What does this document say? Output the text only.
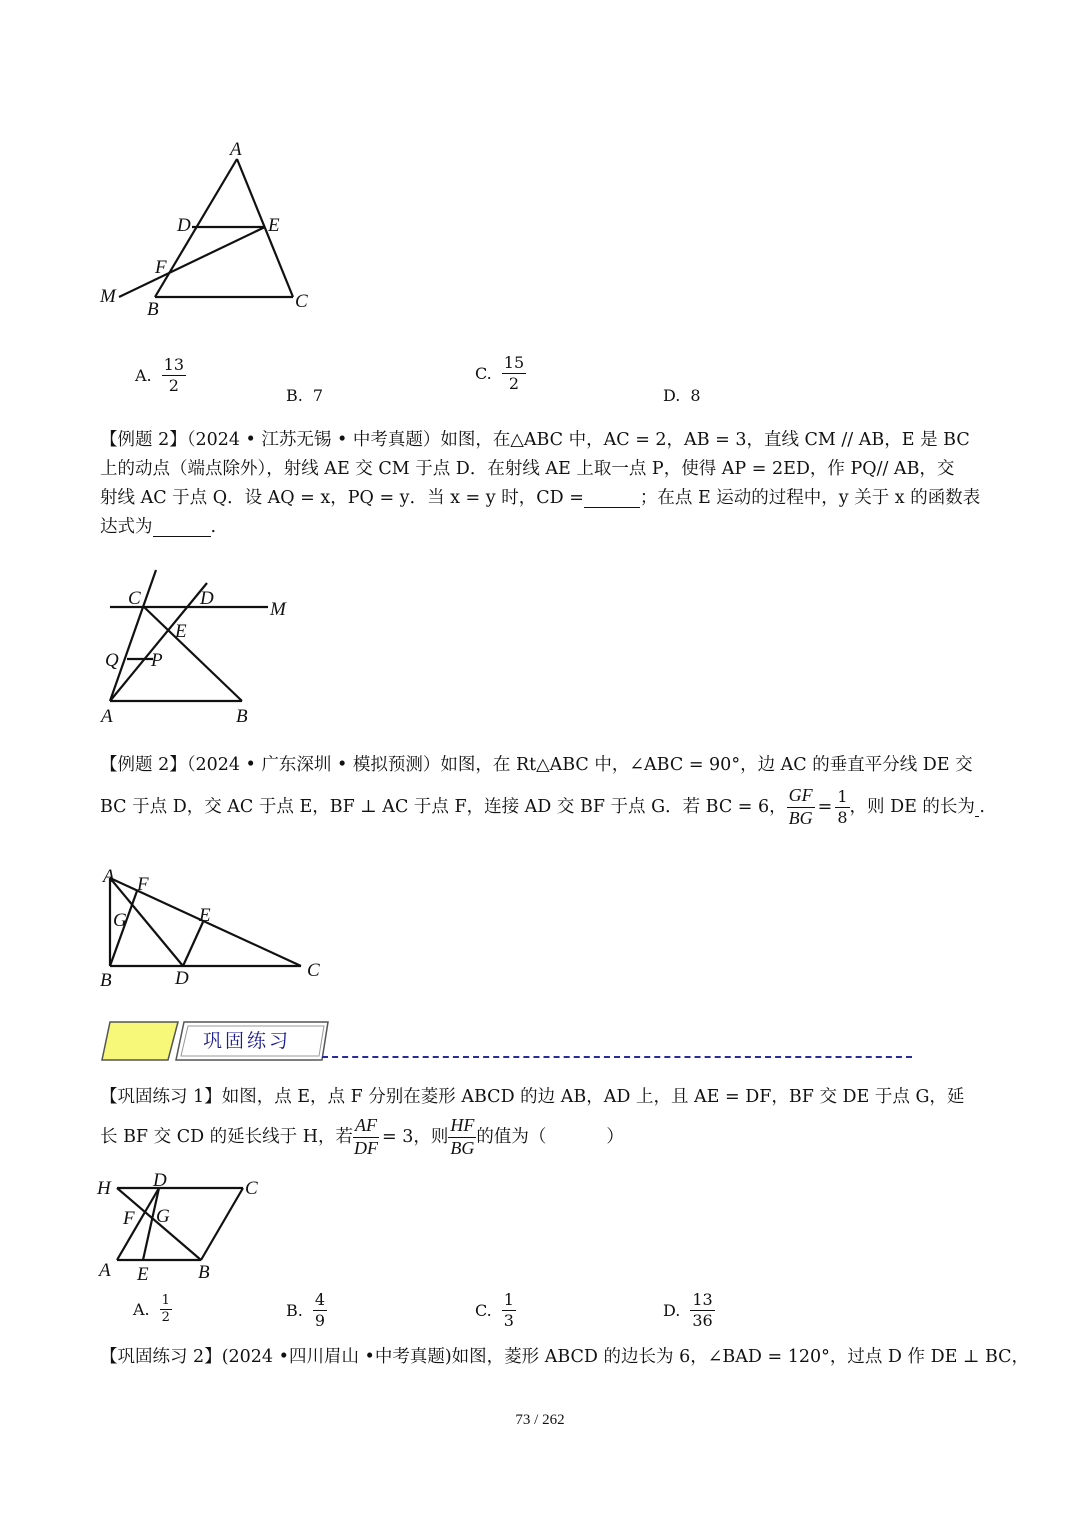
A
D	E
F
M
B	C
A. $\frac{13}{2}$
B. 7
C. $\frac{15}{2}$
D. 8
【例题 2】（2024 • 江苏无锡 • 中考真题）如图，在△ABC 中，AC = 2，AB = 3，直线 CM // AB，E 是 BC
上的动点（端点除外），射线 AE 交 CM 于点 D．在射线 AE 上取一点 P，使得 AP = 2ED，作 PQ// AB，交
射线 AC 于点 Q．设 AQ = x，PQ = y．当 x = y 时，CD =	；在点 E 运动的过程中，y 关于 x 的函数表
达式为	.
C	D
M
E
Q P
A	B
【例题 2】（2024 • 广东深圳 • 模拟预测）如图，在 Rt△ABC 中，∠ABC = 90°，边 AC 的垂直平分线 DE 交
BC 于点 D，交 AC 于点 E，BF ⊥ AC 于点 F，连接 AD 交 BF 于点 G．若 BC = 6， $\frac{GF}{BG} = \frac{1}{8}$ ，则 DE 的长为 .
A F
G	E
B	D	C
巩固练习
【巩固练习 1】如图，点 E，点 F 分别在菱形 ABCD 的边 AB，AD 上，且 AE = DF，BF 交 DE 于点 G，延
长 BF 交 CD 的延长线于 H，若 $\frac{AF}{DF} = 3$，则 $\frac{HF}{BG}$ 的值为（	）
H D	C
F G
A E	B
A. $\frac{1}{2}$	B. $\frac{4}{9}$	C. $\frac{1}{3}$	D. $\frac{13}{36}$
【巩固练习 2】(2024 •四川眉山 •中考真题)如图，菱形 ABCD 的边长为 6，∠BAD = 120°，过点 D 作 DE ⊥ BC，
73 / 262
